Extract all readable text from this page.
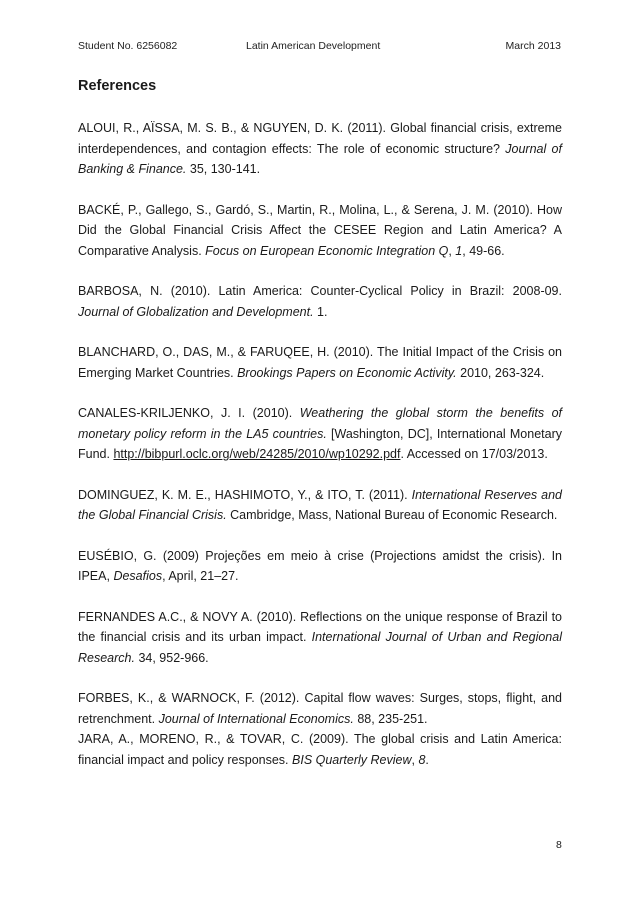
Student No. 6256082	Latin American Development	March 2013
References

ALOUI, R., AÏSSA, M. S. B., & NGUYEN, D. K. (2011). Global financial crisis, extreme interdependences, and contagion effects: The role of economic structure? Journal of Banking & Finance. 35, 130-141.

BACKÉ, P., Gallego, S., Gardó, S., Martin, R., Molina, L., & Serena, J. M. (2010). How Did the Global Financial Crisis Affect the CESEE Region and Latin America? A Comparative Analysis. Focus on European Economic Integration Q, 1, 49-66.

BARBOSA, N. (2010). Latin America: Counter-Cyclical Policy in Brazil: 2008-09. Journal of Globalization and Development. 1.

BLANCHARD, O., DAS, M., & FARUQEE, H. (2010). The Initial Impact of the Crisis on Emerging Market Countries. Brookings Papers on Economic Activity. 2010, 263-324.

CANALES-KRILJENKO, J. I. (2010). Weathering the global storm the benefits of monetary policy reform in the LA5 countries. [Washington, DC], International Monetary Fund. http://bibpurl.oclc.org/web/24285/2010/wp10292.pdf. Accessed on 17/03/2013.

DOMINGUEZ, K. M. E., HASHIMOTO, Y., & ITO, T. (2011). International Reserves and the Global Financial Crisis. Cambridge, Mass, National Bureau of Economic Research.

EUSÉBIO, G. (2009) Projeções em meio à crise (Projections amidst the crisis). In IPEA, Desafios, April, 21–27.

FERNANDES A.C., & NOVY A. (2010). Reflections on the unique response of Brazil to the financial crisis and its urban impact. International Journal of Urban and Regional Research. 34, 952-966.

FORBES, K., & WARNOCK, F. (2012). Capital flow waves: Surges, stops, flight, and retrenchment. Journal of International Economics. 88, 235-251.

JARA, A., MORENO, R., & TOVAR, C. (2009). The global crisis and Latin America: financial impact and policy responses. BIS Quarterly Review, 8.

8
